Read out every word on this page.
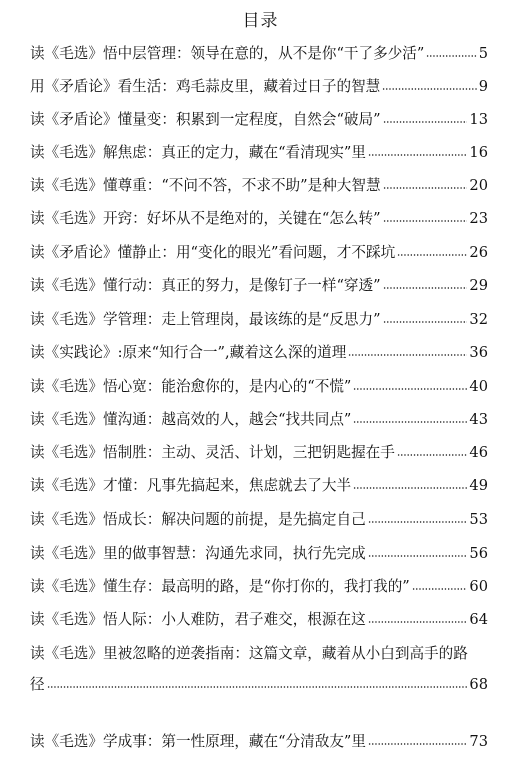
目录
读《毛选》悟中层管理：领导在意的，从不是你“干了多少活”	5
用《矛盾论》看生活：鸡毛蒜皮里，藏着过日子的智慧	9
读《矛盾论》懂量变：积累到一定程度，自然会“破局”	13
读《毛选》解焦虑：真正的定力，藏在“看清现实”里	16
读《毛选》懂尊重：“不问不答，不求不助”是种大智慧	20
读《毛选》开窍：好坏从不是绝对的，关键在“怎么转”	23
读《矛盾论》懂静止：用“变化的眼光”看问题，才不踩坑	26
读《毛选》懂行动：真正的努力，是像钉子一样“穿透”	29
读《毛选》学管理：走上管理岗，最该练的是“反思力”	32
读《实践论》:原来“知行合一”,藏着这么深的道理	36
读《毛选》悟心宽：能治愈你的，是内心的“不慌”	40
读《毛选》懂沟通：越高效的人，越会“找共同点”	43
读《毛选》悟制胜：主动、灵活、计划，三把钥匙握在手	46
读《毛选》才懂：凡事先搞起来，焦虑就去了大半	49
读《毛选》悟成长：解决问题的前提，是先搞定自己	53
读《毛选》里的做事智慧：沟通先求同，执行先完成	56
读《毛选》懂生存：最高明的路，是“你打你的，我打我的”	60
读《毛选》悟人际：小人难防，君子难交，根源在这	64
读《毛选》里被忽略的逆袭指南：这篇文章，藏着从小白到高手的路
径	68
读《毛选》学成事：第一性原理，藏在“分清敌友”里	73
